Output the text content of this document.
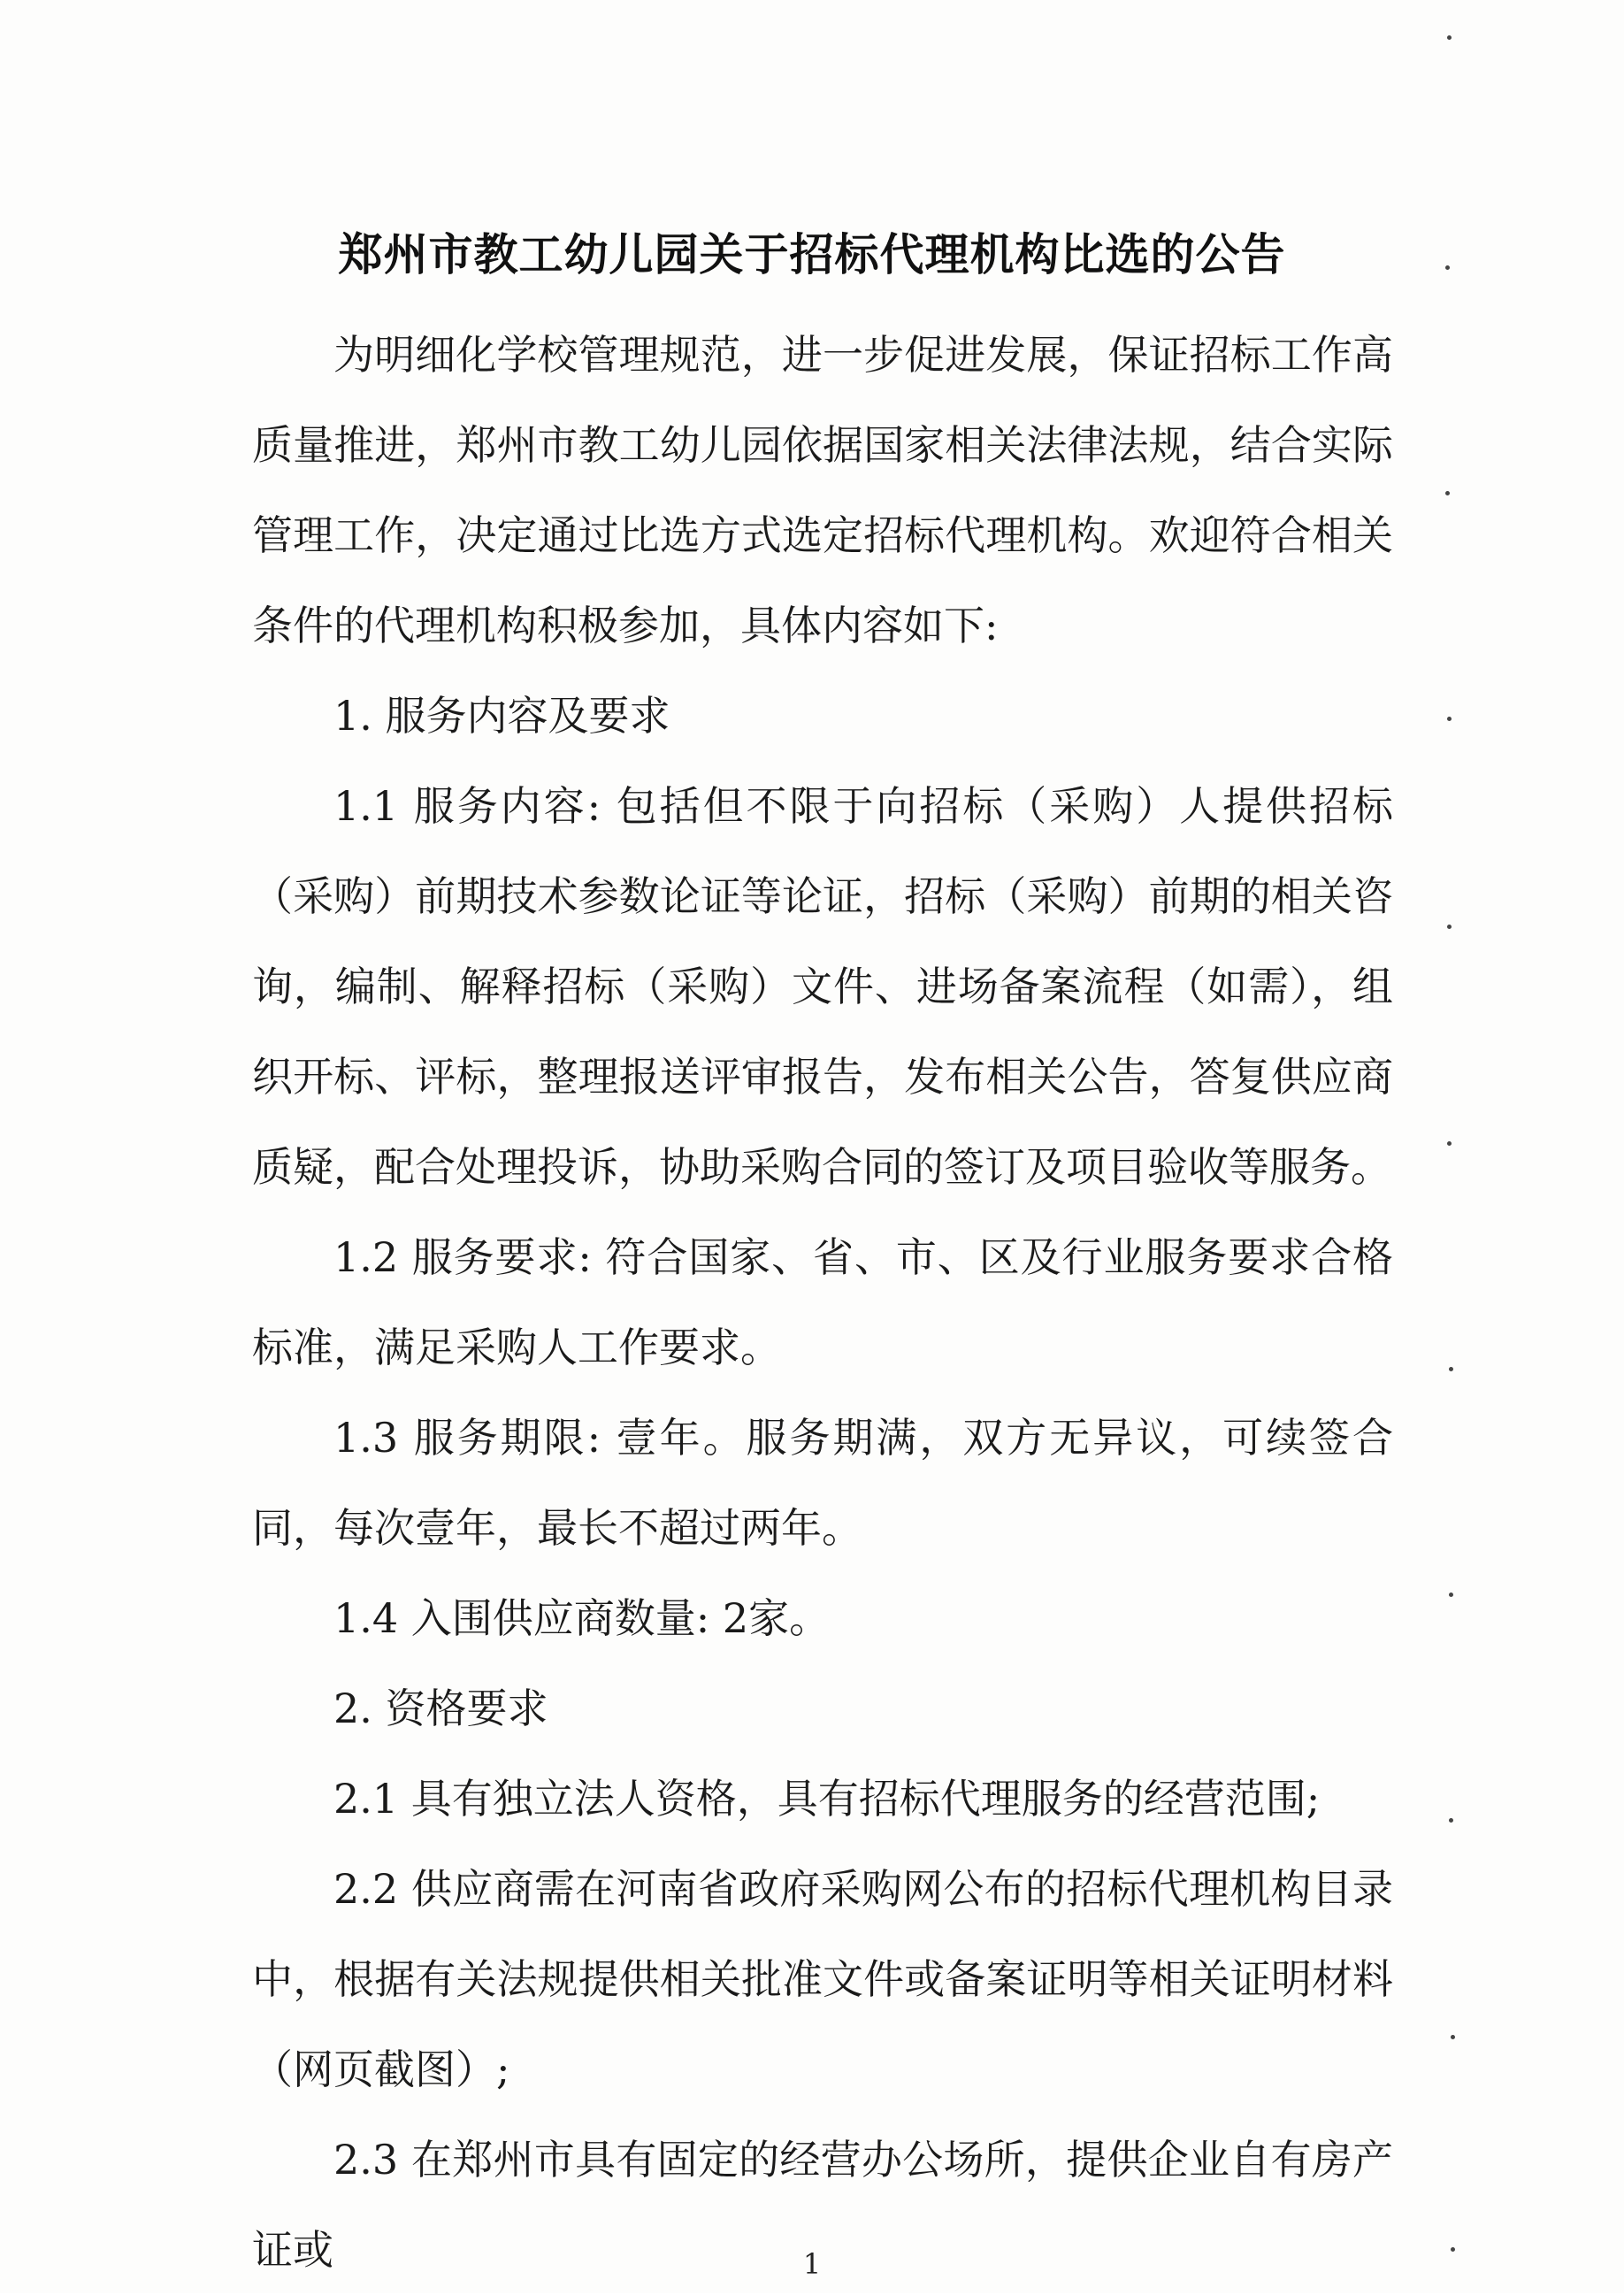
郑州市教工幼儿园关于招标代理机构比选的公告

为明细化学校管理规范，进一步促进发展，保证招标工作高质量推进，郑州市教工幼儿园依据国家相关法律法规，结合实际管理工作，决定通过比选方式选定招标代理机构。欢迎符合相关条件的代理机构积极参加，具体内容如下:

1. 服务内容及要求

1.1 服务内容: 包括但不限于向招标（采购）人提供招标（采购）前期技术参数论证等论证，招标（采购）前期的相关咨询，编制、解释招标（采购）文件、进场备案流程（如需），组织开标、评标，整理报送评审报告，发布相关公告，答复供应商质疑，配合处理投诉，协助采购合同的签订及项目验收等服务。

1.2 服务要求: 符合国家、省、市、区及行业服务要求合格标准，满足采购人工作要求。

1.3 服务期限: 壹年。服务期满，双方无异议，可续签合同，每次壹年，最长不超过两年。

1.4 入围供应商数量: 2家。

2. 资格要求

2.1 具有独立法人资格，具有招标代理服务的经营范围;

2.2 供应商需在河南省政府采购网公布的招标代理机构目录中，根据有关法规提供相关批准文件或备案证明等相关证明材料（网页截图）;

2.3 在郑州市具有固定的经营办公场所，提供企业自有房产证或	1
